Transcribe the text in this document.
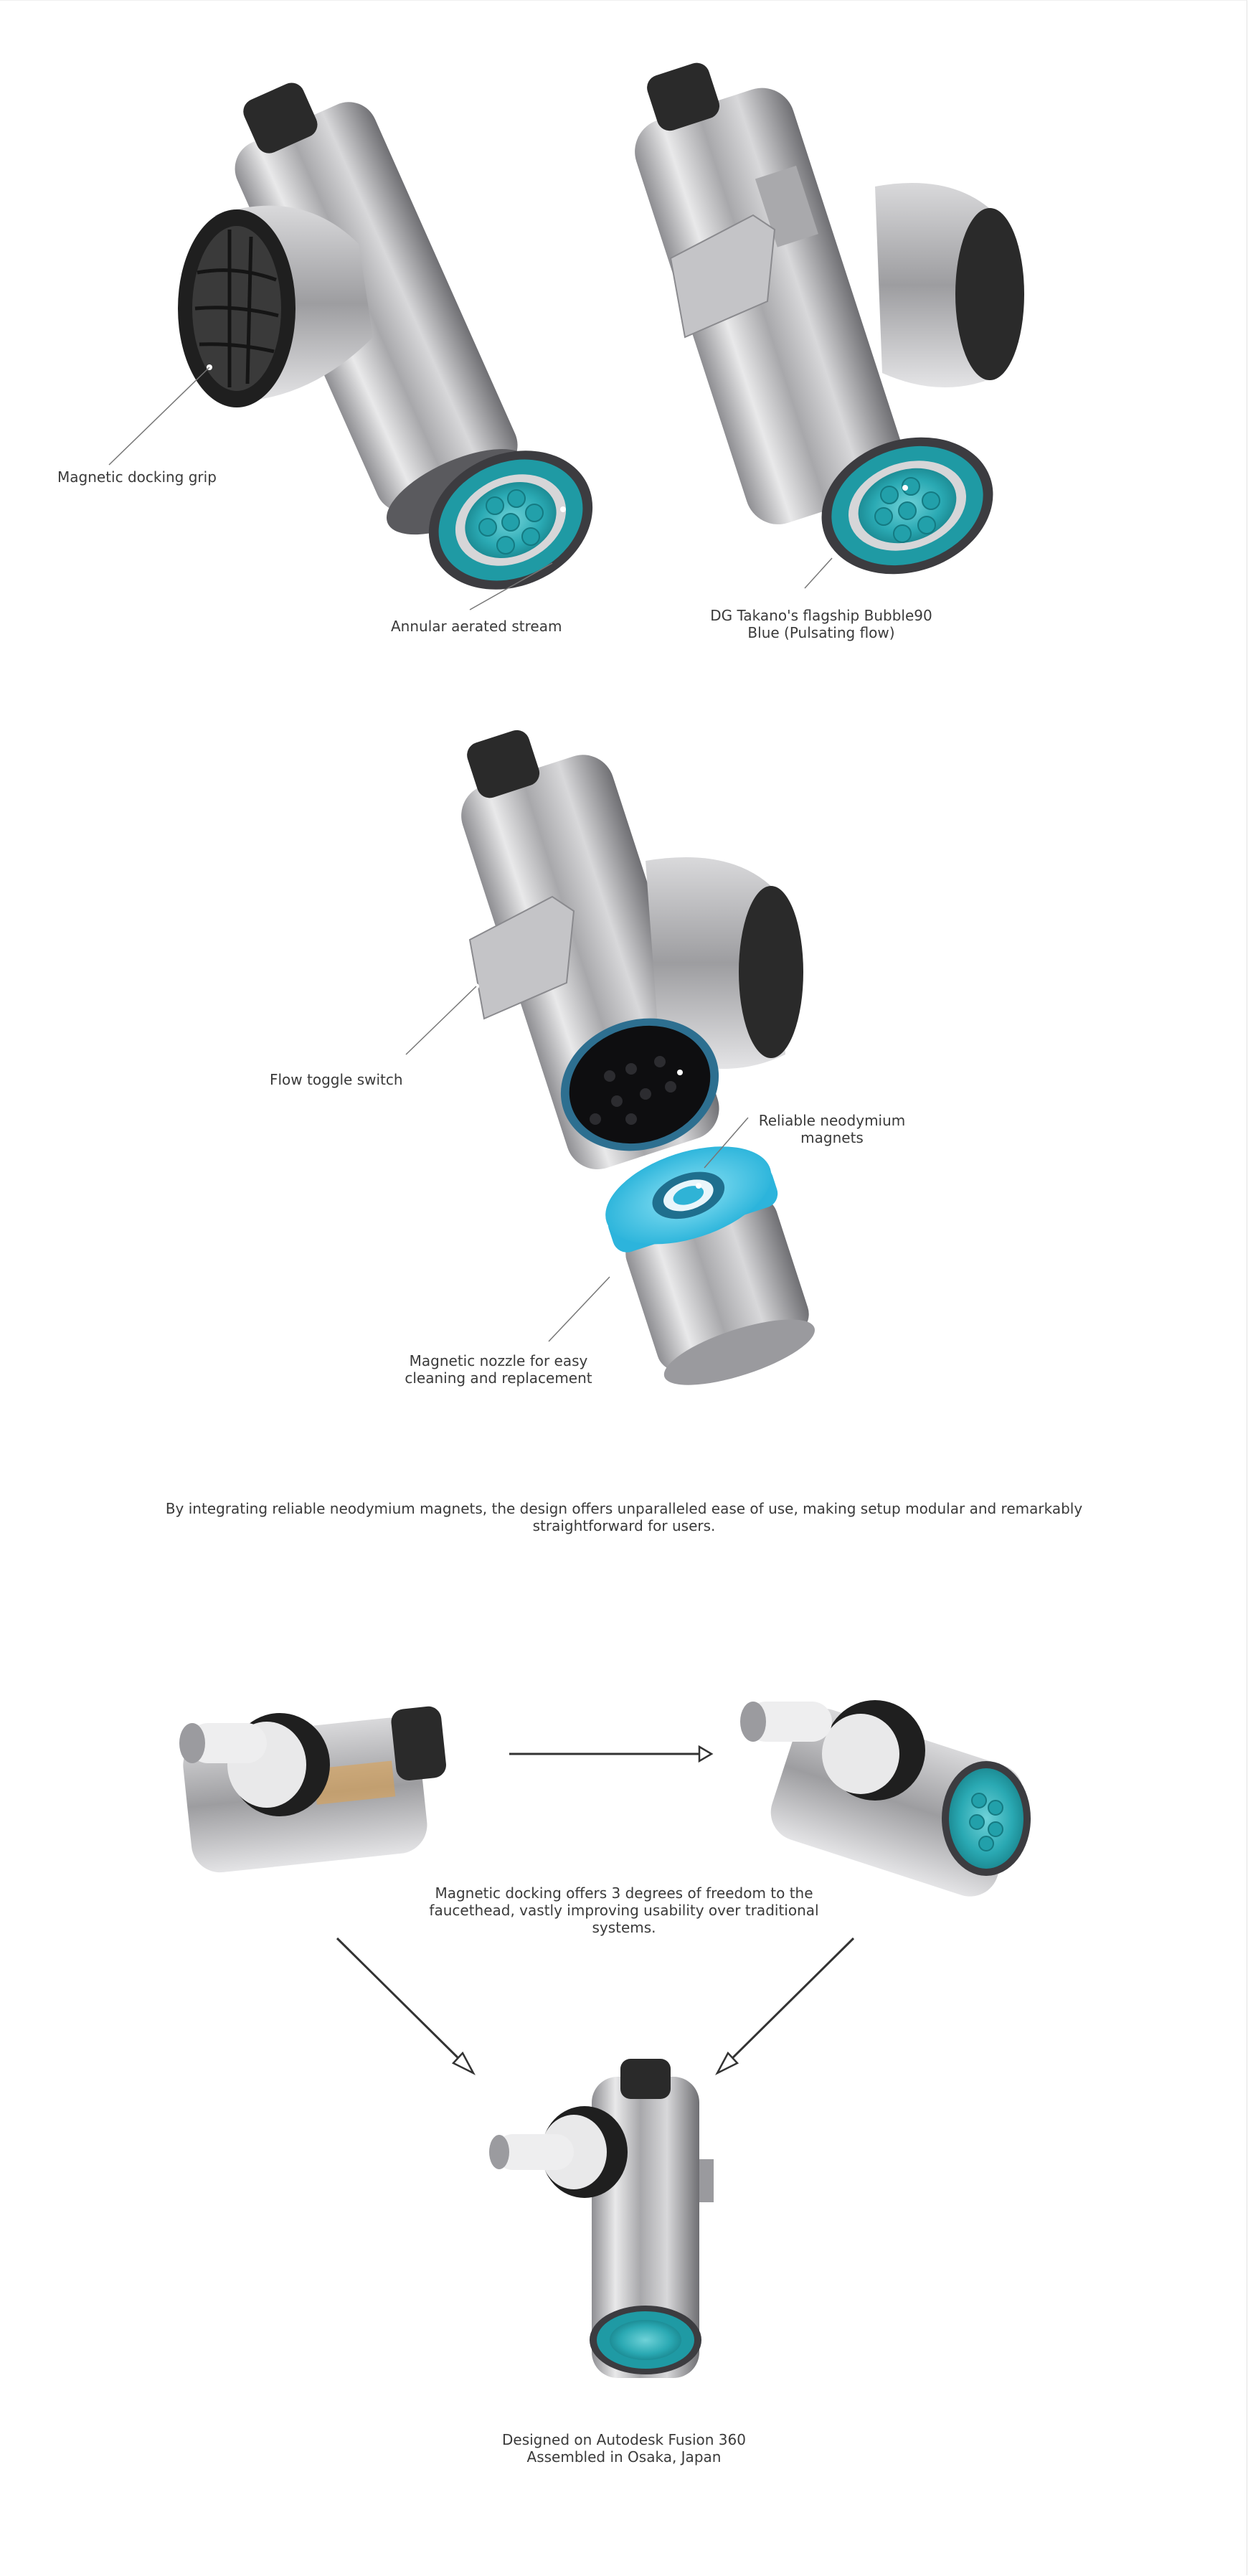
Magnetic docking grip
Annular aerated stream
DG Takano's flagship Bubble90
Blue (Pulsating flow)
Flow toggle switch
Reliable neodymium
magnets
Magnetic nozzle for easy
cleaning and replacement
By integrating reliable neodymium magnets, the design offers unparalleled ease of use, making setup modular and remarkably
straightforward for users.
Magnetic docking offers 3 degrees of freedom to the
faucethead, vastly improving usability over traditional
systems.
Designed on Autodesk Fusion 360
Assembled in Osaka, Japan
